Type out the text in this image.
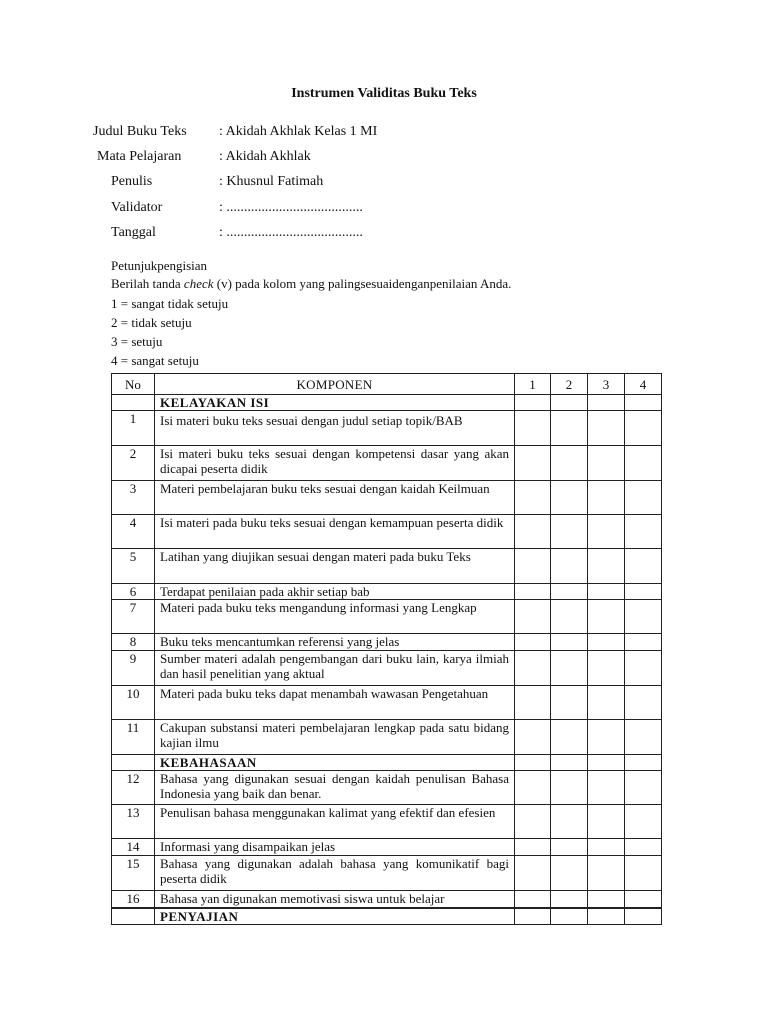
Instrumen Validitas Buku Teks
Judul Buku Teks : Akidah Akhlak Kelas 1 MI
Mata Pelajaran	: Akidah Akhlak
Penulis	: Khusnul Fatimah
Validator	: .......................................
Tanggal	: .......................................
Petunjukpengisian
Berilah tanda check (v) pada kolom yang palingsesuaidenganpenilaian Anda.
1 = sangat tidak setuju
2 = tidak setuju
3 = setuju
4 = sangat setuju
No	KOMPONEN	1	2	3	4
	KELAYAKAN ISI				
1	Isi materi buku teks sesuai dengan judul setiap topik/BAB				
2	Isi materi buku teks sesuai dengan kompetensi dasar yang akan dicapai peserta didik				
3	Materi pembelajaran buku teks sesuai dengan kaidah Keilmuan				
4	Isi materi pada buku teks sesuai dengan kemampuan peserta didik				
5	Latihan yang diujikan sesuai dengan materi pada buku Teks				
6	Terdapat penilaian pada akhir setiap bab				
7	Materi pada buku teks mengandung informasi yang Lengkap				
8	Buku teks mencantumkan referensi yang jelas				
9	Sumber materi adalah pengembangan dari buku lain, karya ilmiah dan hasil penelitian yang aktual				
10	Materi pada buku teks dapat menambah wawasan Pengetahuan				
11	Cakupan substansi materi pembelajaran lengkap pada satu bidang kajian ilmu				
	KEBAHASAAN				
12	Bahasa yang digunakan sesuai dengan kaidah penulisan Bahasa Indonesia yang baik dan benar.				
13	Penulisan bahasa menggunakan kalimat yang efektif dan efesien				
14	Informasi yang disampaikan jelas				
15	Bahasa yang digunakan adalah bahasa yang komunikatif bagi peserta didik				
16	Bahasa yan digunakan memotivasi siswa untuk belajar				
	PENYAJIAN				
